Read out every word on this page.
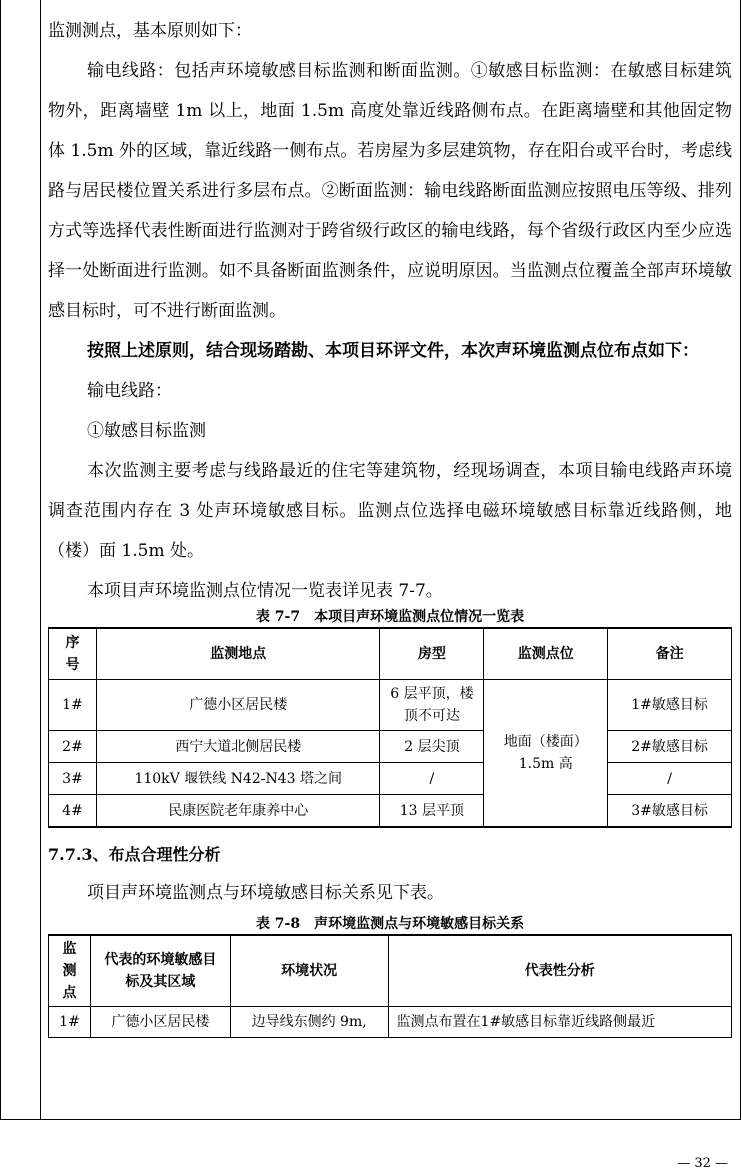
监测测点，基本原则如下：

输电线路：包括声环境敏感目标监测和断面监测。①敏感目标监测：在敏感目标建筑物外，距离墙壁 1m 以上，地面 1.5m 高度处靠近线路侧布点。在距离墙壁和其他固定物体 1.5m 外的区域，靠近线路一侧布点。若房屋为多层建筑物，存在阳台或平台时，考虑线路与居民楼位置关系进行多层布点。②断面监测：输电线路断面监测应按照电压等级、排列方式等选择代表性断面进行监测对于跨省级行政区的输电线路，每个省级行政区内至少应选择一处断面进行监测。如不具备断面监测条件，应说明原因。当监测点位覆盖全部声环境敏感目标时，可不进行断面监测。

按照上述原则，结合现场踏勘、本项目环评文件，本次声环境监测点位布点如下：

输电线路：

①敏感目标监测

本次监测主要考虑与线路最近的住宅等建筑物，经现场调查，本项目输电线路声环境调查范围内存在 3 处声环境敏感目标。监测点位选择电磁环境敏感目标靠近线路侧，地（楼）面 1.5m 处。

本项目声环境监测点位情况一览表详见表 7-7。

表 7-7　本项目声环境监测点位情况一览表
序号	监测地点	房型	监测点位	备注
1#	广德小区居民楼	6 层平顶，楼顶不可达	地面（楼面）1.5m 高	1#敏感目标
2#	西宁大道北侧居民楼	2 层尖顶		2#敏感目标
3#	110kV 堰铁线 N42-N43 塔之间	/		/
4#	民康医院老年康养中心	13 层平顶		3#敏感目标
7.7.3、布点合理性分析

项目声环境监测点与环境敏感目标关系见下表。

表 7-8　声环境监测点与环境敏感目标关系
监测点	代表的环境敏感目标及其区域	环境状况	代表性分析
1#	广德小区居民楼	边导线东侧约 9m,	监测点布置在1#敏感目标靠近线路侧最近
— 32 —
